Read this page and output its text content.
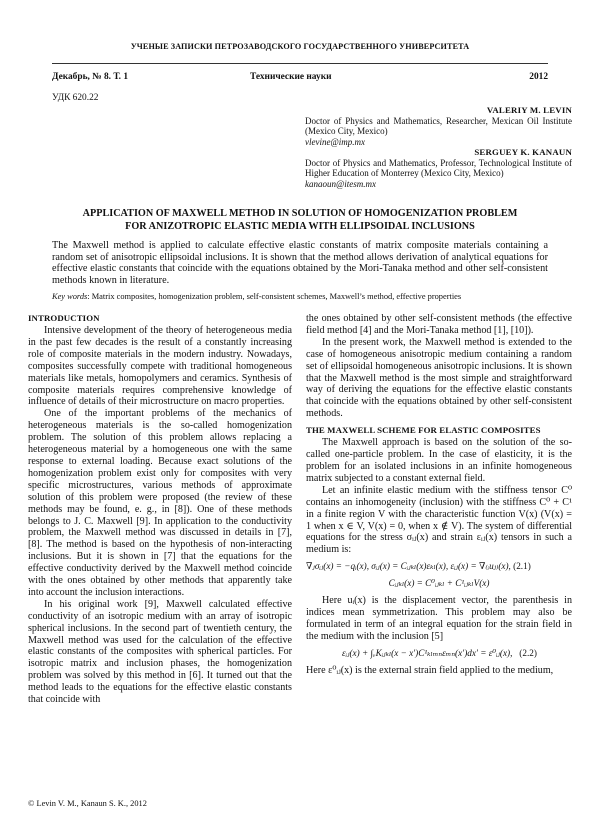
УЧЕНЫЕ ЗАПИСКИ ПЕТРОЗАВОДСКОГО ГОСУДАРСТВЕННОГО УНИВЕРСИТЕТА
Декабрь, № 8. Т. 1	Технические науки	2012
УДК 620.22
VALERIY M. LEVIN
Doctor of Physics and Mathematics, Researcher, Mexican Oil Institute (Mexico City, Mexico)
vlevine@imp.mx
SERGUEY K. KANAUN
Doctor of Physics and Mathematics, Professor, Technological Institute of Higher Education of Monterrey (Mexico City, Mexico)
kanaoun@itesm.mx
APPLICATION OF MAXWELL METHOD IN SOLUTION OF HOMOGENIZATION PROBLEM
FOR ANIZOTROPIC ELASTIC MEDIA WITH ELLIPSOIDAL INCLUSIONS
The Maxwell method is applied to calculate effective elastic constants of matrix composite materials containing a random set of anisotropic ellipsoidal inclusions. It is shown that the method allows derivation of analytical equations for effective elastic constants that coincide with the equations obtained by the Mori-Tanaka method and other self-consistent methods known in literature.
Key words: Matrix composites, homogenization problem, self-consistent schemes, Maxwell’s method, effective properties
INTRODUCTION

Intensive development of the theory of heterogeneous media in the past few decades is the result of a constantly increasing role of composite materials in the modern industry. Nowadays, composites successfully compete with traditional homogeneous materials like metals, homopolymers and ceramics. Synthesis of composite materials requires comprehensive knowledge of influence of details of their microstructure on macro properties.

One of the important problems of the mechanics of heterogeneous materials is the so-called homogenization problem. The solution of this problem allows replacing a heterogeneous material by a homogeneous one with the same response to external loading. Because exact solutions of the homogenization problem exist only for composites with very specific microstructures, various methods of approximate solution of this problem were proposed (the review of these methods may be found, e. g., in [8]). One of these methods belongs to J. C. Maxwell [9]. In application to the conductivity problem, the Maxwell method was discussed in details in [7], [8]. The method is based on the hypothesis of non-interacting inclusions. But it is shown in [7] that the equations for the effective conductivity derived by the Maxwell method coincide with the ones obtained by other methods that apparently take into account the inclusion interactions.

In his original work [9], Maxwell calculated effective conductivity of an isotropic medium with an array of isotropic spherical inclusions. In the second part of twentieth century, the Maxwell method was used for the calculation of the effective elastic constants of the composites with spherical particles. For isotropic matrix and inclusion phases, the homogenization problem was solved by this method in [6]. It turned out that the method leads to the equations for the effective elastic constants that coincide with

the ones obtained by other self-consistent methods (the effective field method [4] and the Mori-Tanaka method [1], [10]).

In the present work, the Maxwell method is extended to the case of homogeneous anisotropic medium containing a random set of ellipsoidal homogeneous anisotropic inclusions. It is shown that the Maxwell method is the most simple and straightforward way of deriving the equations for the effective elastic constants that coincide with the equations obtained by other self-consistent methods.

THE MAXWELL SCHEME FOR ELASTIC COMPOSITES

The Maxwell approach is based on the solution of the so-called one-particle problem. In the case of elasticity, it is the problem for an isolated inclusions in an infinite homogeneous matrix subjected to a constant external field.

Let an infinite elastic medium with the stiffness tensor C⁰ contains an inhomogeneity (inclusion) with the stiffness C⁰ + C¹ in a finite region V with the characteristic function V(x) (V(x) = 1 when x ∈ V, V(x) = 0, when x ∉ V). The system of differential equations for the stress σᵢⱼ(x) and strain εᵢⱼ(x) tensors in such a medium is:

∇ⱼσᵢⱼ(x) = −qᵢ(x), σᵢⱼ(x) = Cᵢⱼₖₗ(x)εₖₗ(x), εᵢⱼ(x) = ∇₍ᵢuⱼ₎(x), (2.1)
Cᵢⱼₖₗ(x) = C⁰ᵢⱼₖₗ + C¹ᵢⱼₖₗV(x)

Here uᵢ(x) is the displacement vector, the parenthesis in indices mean symmetrization. This problem may also be formulated in term of an integral equation for the strain field in the medium with the inclusion [5]

εᵢⱼ(x) + ∫ᵥKᵢⱼₖₗ(x − x′)C¹ₖₗₘₙεₘₙ(x′)dx′ = ε⁰ᵢⱼ(x), (2.2)

Here ε⁰ᵢⱼ(x) is the external strain field applied to the medium,

© Levin V. M., Kanaun S. K., 2012
